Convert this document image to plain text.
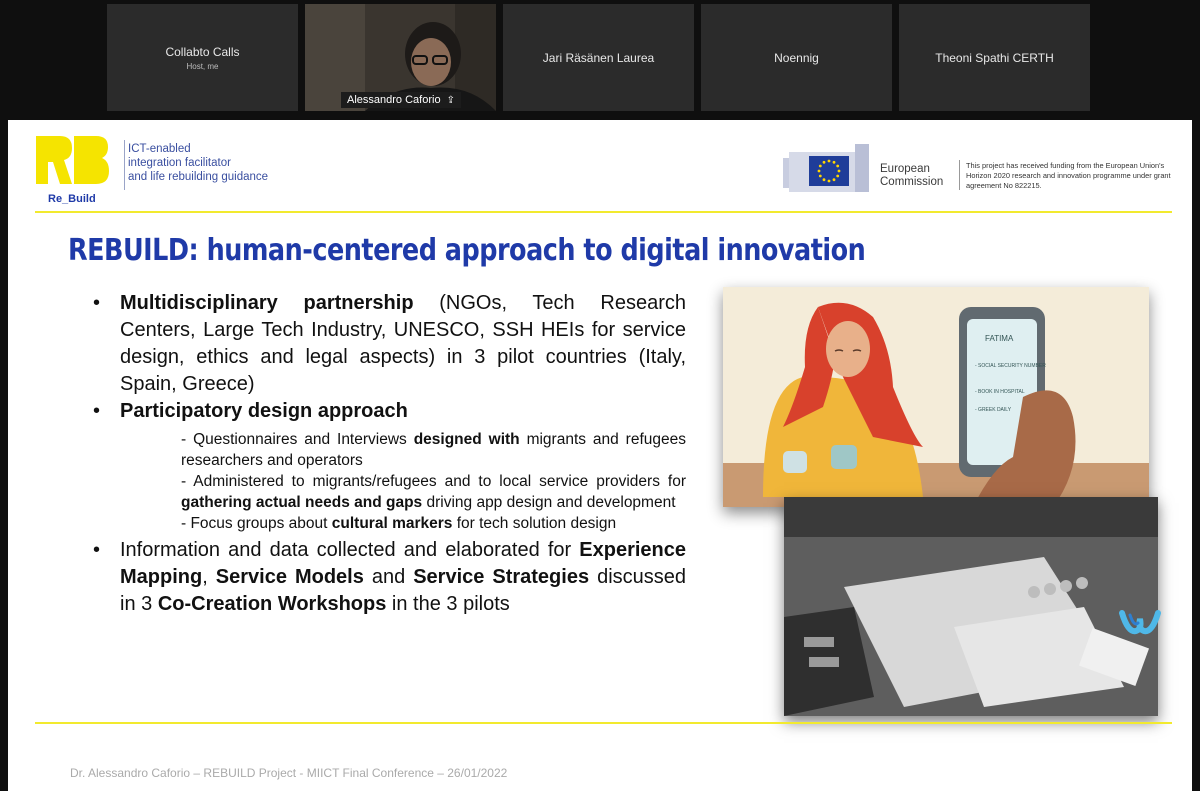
Collabto Calls
Host, me
Alessandro Caforio ⇪
Jari Räsänen Laurea	Noennig	Theoni Spathi CERTH
Re_Build
ICT-enabled
integration facilitator
and life rebuilding guidance
European
Commission
This project has received funding from the European Union's Horizon 2020 research and innovation programme under grant agreement No 822215.
REBUILD: human-centered approach to digital innovation
• Multidisciplinary partnership (NGOs, Tech Research Centers, Large Tech Industry, UNESCO, SSH HEIs for service design, ethics and legal aspects) in 3 pilot countries (Italy, Spain, Greece)
• Participatory design approach
- Questionnaires and Interviews designed with migrants and refugees researchers and operators
- Administered to migrants/refugees and to local service providers for gathering actual needs and gaps driving app design and development
- Focus groups about cultural markers for tech solution design
• Information and data collected and elaborated for Experience Mapping, Service Models and Service Strategies discussed in 3 Co-Creation Workshops in the 3 pilots
FATIMA
- SOCIAL SECURITY NUMBER
- BOOK IN HOSPITAL
- GREEK DAILY
Dr. Alessandro Caforio – REBUILD Project - MIICT Final Conference – 26/01/2022
